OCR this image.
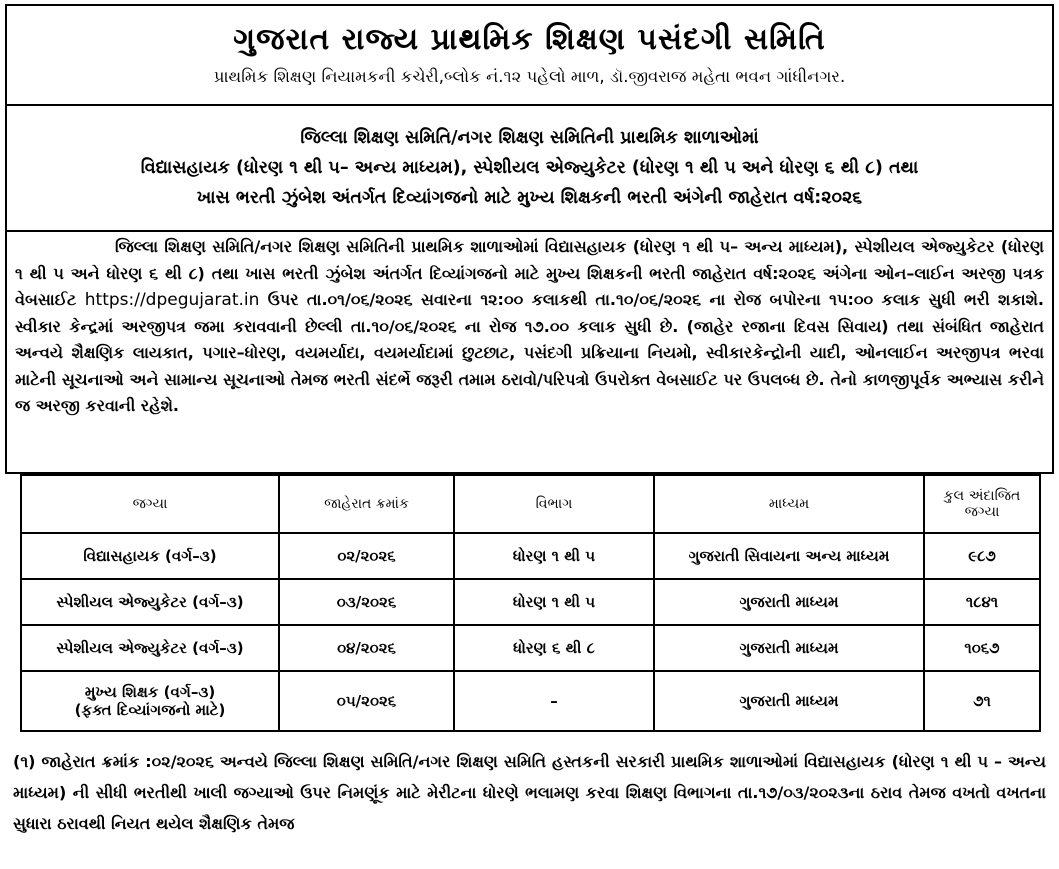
ગુજરાત રાજ્ય પ્રાથમિક શિક્ષણ પસંદગી સમિતિ
પ્રાથમિક શિક્ષણ નિયામકની કચેરી,બ્લોક નં.૧૨ પહેલો માળ, ડૉ.જીવરાજ મહેતા ભવન ગાંધીનગર.
જિલ્લા શિક્ષણ સમિતિ/નગર શિક્ષણ સમિતિની પ્રાથમિક શાળાઓમાં
વિદ્યાસહાયક (ધોરણ ૧ થી ૫– અન્ય માધ્યમ), સ્પેશીયલ એજ્યુકેટર (ધોરણ ૧ થી ૫ અને ધોરણ ૬ થી ૮) તથા
ખાસ ભરતી ઝુંબેશ અંતર્ગત દિવ્યાંગજનો માટે મુખ્ય શિક્ષકની ભરતી અંગેની જાહેરાત વર્ષ:૨૦૨૬
જિલ્લા શિક્ષણ સમિતિ/નગર શિક્ષણ સમિતિની પ્રાથમિક શાળાઓમાં વિદ્યાસહાયક (ધોરણ ૧ થી ૫– અન્ય માધ્યમ), સ્પેશીયલ એજ્યુકેટર (ધોરણ ૧ થી ૫ અને ધોરણ ૬ થી ૮) તથા ખાસ ભરતી ઝુંબેશ અંતર્ગત દિવ્યાંગજનો માટે મુખ્ય શિક્ષકની ભરતી જાહેરાત વર્ષ:૨૦૨૬ અંગેના ઓન–લાઈન અરજી પત્રક વેબસાઈટ https://dpegujarat.in ઉપર તા.૦૧/૦૬/૨૦૨૬ સવારના ૧૨:૦૦ કલાકથી તા.૧૦/૦૬/૨૦૨૬ ના રોજ બપોરના ૧૫:૦૦ કલાક સુધી ભરી શકાશે. સ્વીકાર કેન્દ્રમાં અરજીપત્ર જમા કરાવવાની છેલ્લી તા.૧૦/૦૬/૨૦૨૬ ના રોજ ૧૭.૦૦ કલાક સુધી છે. (જાહેર રજાના દિવસ સિવાય) તથા સંબંધિત જાહેરાત અન્વયે શૈક્ષણિક લાયકાત, પગાર–ધોરણ, વયમર્યાદા, વયમર્યાદામાં છુટછાટ, પસંદગી પ્રક્રિયાના નિયમો, સ્વીકારકેન્દ્રોની યાદી, ઓનલાઈન અરજીપત્ર ભરવા માટેની સૂચનાઓ અને સામાન્ય સૂચનાઓ તેમજ ભરતી સંદર્ભે જરૂરી તમામ ઠરાવો/પરિપત્રો ઉપરોક્ત વેબસાઈટ પર ઉપલબ્ધ છે. તેનો કાળજીપૂર્વક અભ્યાસ કરીને જ અરજી કરવાની રહેશે.
જગ્યા	જાહેરાત ક્રમાંક	વિભાગ	માધ્યમ	કુલ અંદાજિત જગ્યા
વિદ્યાસહાયક (વર્ગ–૩)	૦૨/૨૦૨૬	ધોરણ ૧ થી ૫	ગુજરાતી સિવાયના અન્ય માધ્યમ	૯૮૭
સ્પેશીયલ એજ્યુકેટર (વર્ગ–૩)	૦૩/૨૦૨૬	ધોરણ ૧ થી ૫	ગુજરાતી માધ્યમ	૧૮૪૧
સ્પેશીયલ એજ્યુકેટર (વર્ગ–૩)	૦૪/૨૦૨૬	ધોરણ ૬ થી ૮	ગુજરાતી માધ્યમ	૧૦૬૭

મુખ્ય શિક્ષક (વર્ગ–૩)
(ફક્ત દિવ્યાંગજનો માટે)	૦૫/૨૦૨૬	–	ગુજરાતી માધ્યમ	૭૧
(૧) જાહેરાત ક્રમાંક :૦૨/૨૦૨૬ અન્વયે જિલ્લા શિક્ષણ સમિતિ/નગર શિક્ષણ સમિતિ હસ્તકની સરકારી પ્રાથમિક શાળાઓમાં વિદ્યાસહાયક (ધોરણ ૧ થી ૫ – અન્ય માધ્યમ) ની સીધી ભરતીથી ખાલી જગ્યાઓ ઉપર નિમણૂંક માટે મેરીટના ધોરણે ભલામણ કરવા શિક્ષણ વિભાગના તા.૧૭/૦૩/૨૦૨૩ના ઠરાવ તેમજ વખતો વખતના સુધારા ઠરાવથી નિયત થયેલ શૈક્ષણિક તેમજ
